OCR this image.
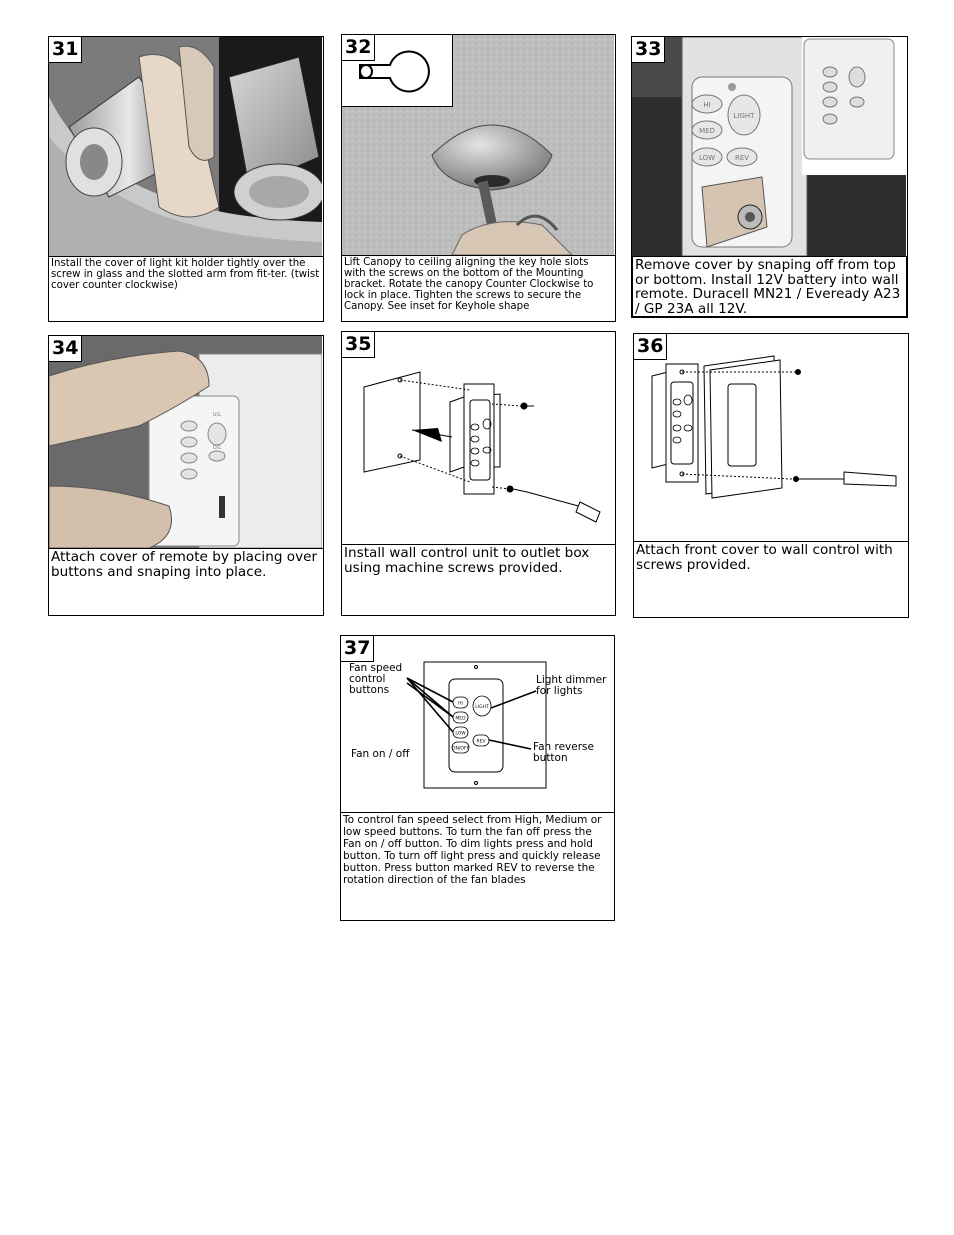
31
Install the cover of light kit holder tightly over the screw in glass and the slotted arm from fit-ter. (twist cover counter clockwise)
32
Lift Canopy to ceiling aligning the key hole slots with the screws on the bottom of the Mounting bracket. Rotate the canopy Counter Clockwise to lock in place. Tighten the screws to secure the Canopy. See inset for Keyhole shape
HI
MED
LOW
LIGHT
REV
33
Remove cover by snaping off from top or bottom. Install 12V battery into wall remote. Duracell MN21 / Eveready A23 / GP 23A all 12V.
U/L
D/L
34
Attach cover of remote by placing over buttons and snaping into place.
35
Install wall control unit to outlet box using machine screws provided.
36
Attach front cover to wall control with screws provided.
37
HI
MED
LOW
ON/OFF
LIGHT
REV
Fan speed
control
buttons
Light dimmer
for lights
Fan on / off
Fan reverse
button
To control fan speed select from High, Medium or low speed buttons. To turn the fan off press the Fan on / off button. To dim lights press and hold button. To turn off light press and quickly release button. Press button marked REV to reverse the rotation direction of the fan blades
